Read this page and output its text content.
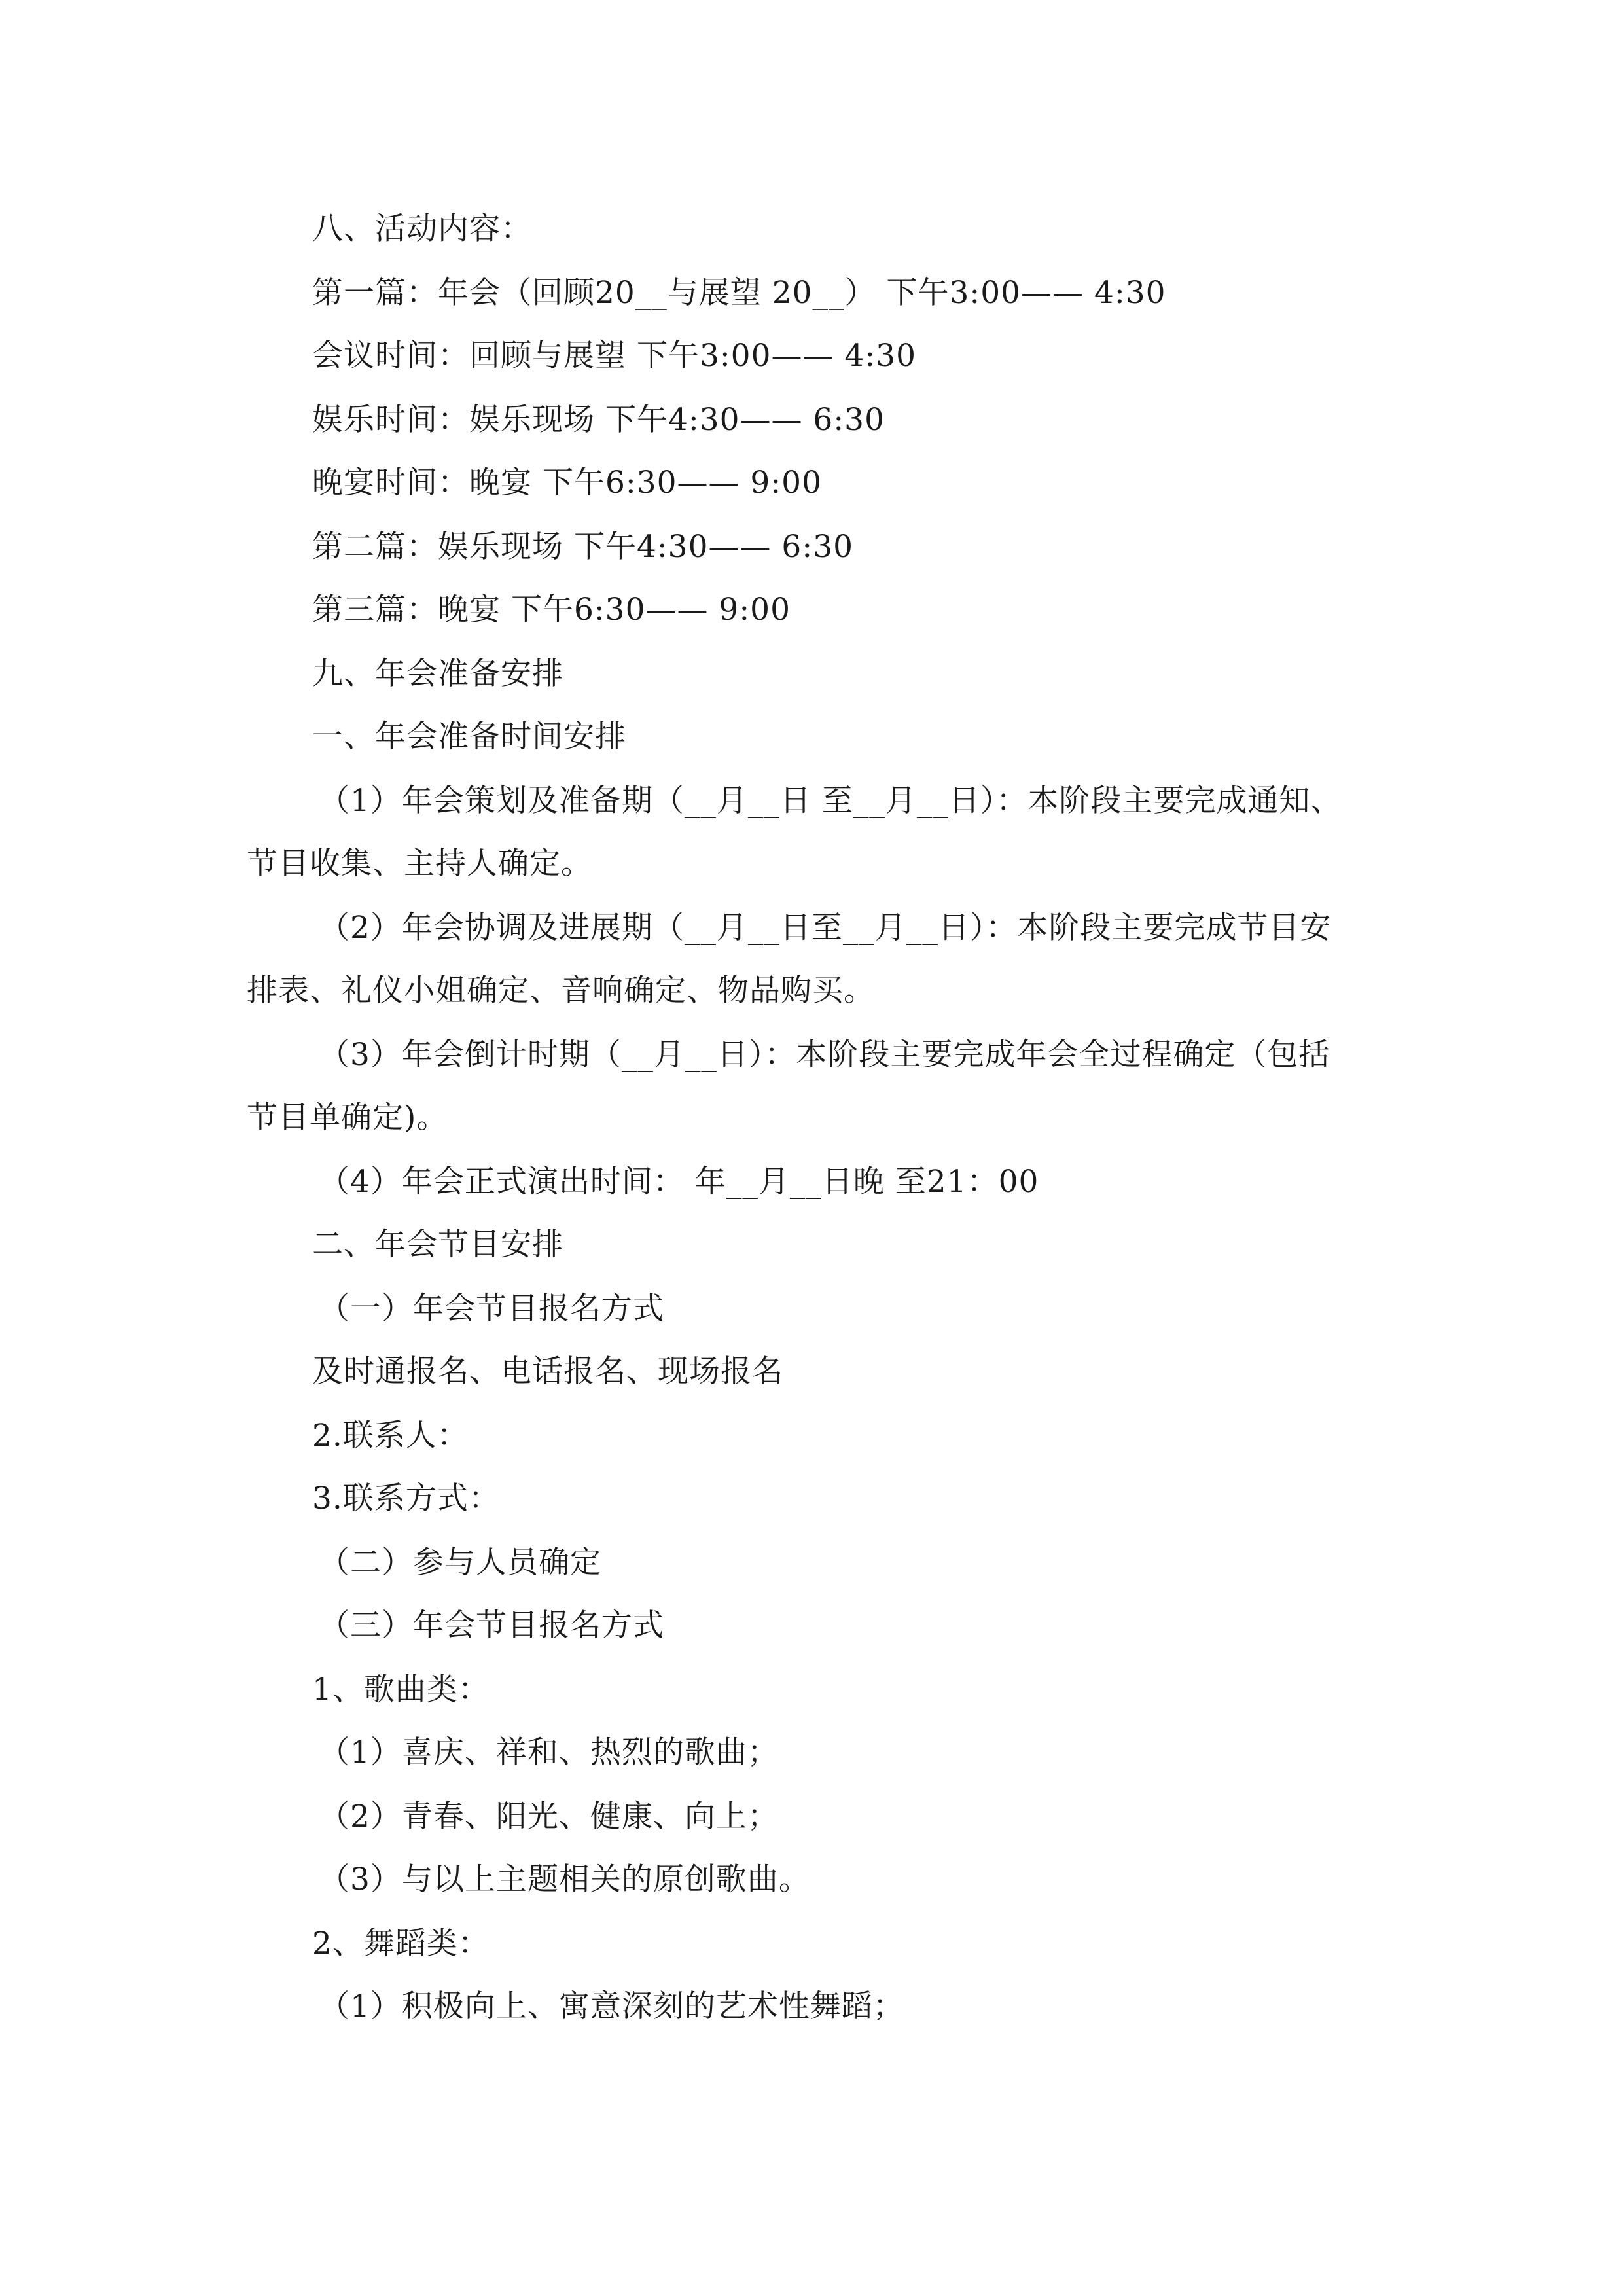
八、活动内容：

第一篇：年会（回顾20__与展望 20__） 下午3:00—— 4:30

会议时间：回顾与展望 下午3:00—— 4:30

娱乐时间：娱乐现场 下午4:30—— 6:30

晚宴时间：晚宴 下午6:30—— 9:00

第二篇：娱乐现场 下午4:30—— 6:30

第三篇：晚宴 下午6:30—— 9:00

九、年会准备安排

一、年会准备时间安排

（1）年会策划及准备期（__月__日 至__月__日）：本阶段主要完成通知、

节目收集、主持人确定。

（2）年会协调及进展期（__月__日至__月__日）：本阶段主要完成节目安

排表、礼仪小姐确定、音响确定、物品购买。

（3）年会倒计时期（__月__日）：本阶段主要完成年会全过程确定（包括

节目单确定)。

（4）年会正式演出时间： 年__月__日晚 至21：00

二、年会节目安排

（一）年会节目报名方式

及时通报名、电话报名、现场报名

2.联系人：

3.联系方式：

（二）参与人员确定

（三）年会节目报名方式

1、歌曲类：

（1）喜庆、祥和、热烈的歌曲；

（2）青春、阳光、健康、向上；

（3）与以上主题相关的原创歌曲。

2、舞蹈类：

（1）积极向上、寓意深刻的艺术性舞蹈；
